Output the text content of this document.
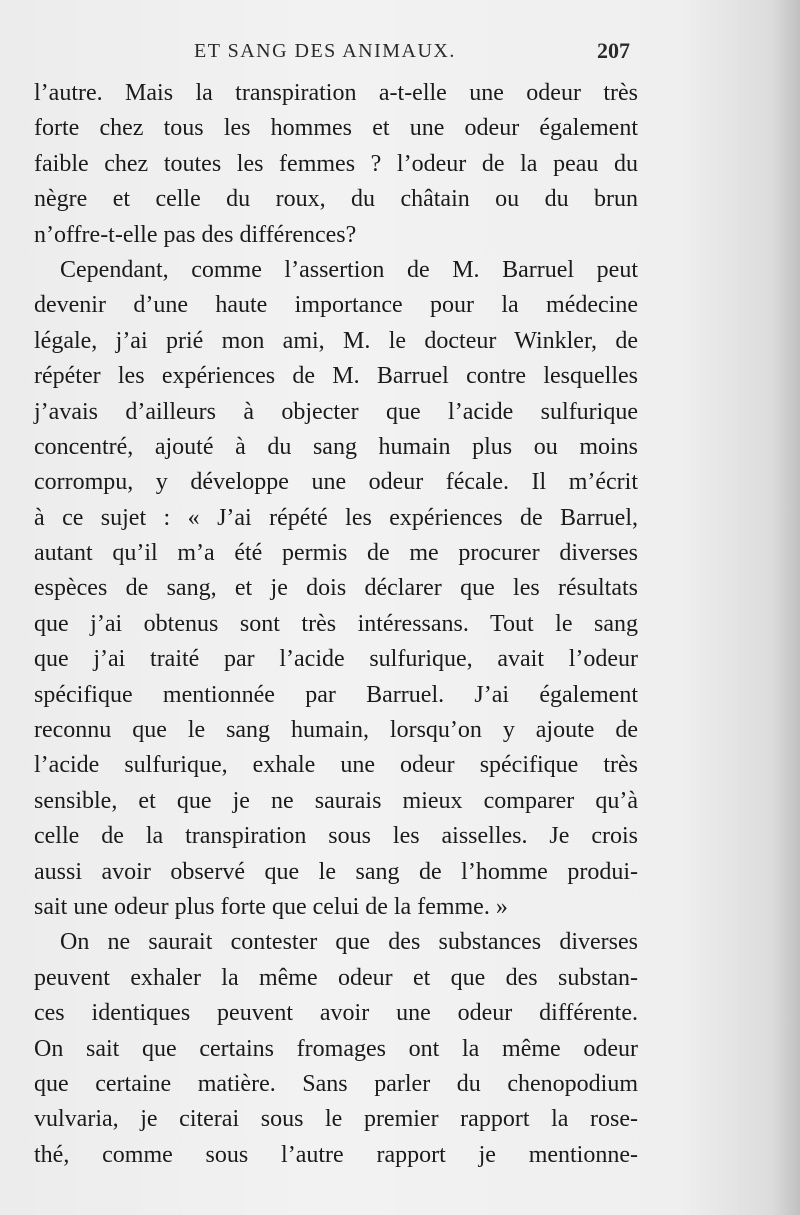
ET SANG DES ANIMAUX.	207
l’autre. Mais la transpiration a-t-elle une odeur très
forte chez tous les hommes et une odeur également
faible chez toutes les femmes ? l’odeur de la peau du
nègre et celle du roux, du châtain ou du brun
n’offre-t-elle pas des différences?
Cependant, comme l’assertion de M. Barruel peut
devenir d’une haute importance pour la médecine
légale, j’ai prié mon ami, M. le docteur Winkler, de
répéter les expériences de M. Barruel contre lesquelles
j’avais d’ailleurs à objecter que l’acide sulfurique
concentré, ajouté à du sang humain plus ou moins
corrompu, y développe une odeur fécale. Il m’écrit
à ce sujet : « J’ai répété les expériences de Barruel,
autant qu’il m’a été permis de me procurer diverses
espèces de sang, et je dois déclarer que les résultats
que j’ai obtenus sont très intéressans. Tout le sang
que j’ai traité par l’acide sulfurique, avait l’odeur
spécifique mentionnée par Barruel. J’ai également
reconnu que le sang humain, lorsqu’on y ajoute de
l’acide sulfurique, exhale une odeur spécifique très
sensible, et que je ne saurais mieux comparer qu’à
celle de la transpiration sous les aisselles. Je crois
aussi avoir observé que le sang de l’homme produi-
sait une odeur plus forte que celui de la femme. »
On ne saurait contester que des substances diverses
peuvent exhaler la même odeur et que des substan-
ces identiques peuvent avoir une odeur différente.
On sait que certains fromages ont la même odeur
que certaine matière. Sans parler du chenopodium
vulvaria, je citerai sous le premier rapport la rose-
thé, comme sous l’autre rapport je mentionne-
